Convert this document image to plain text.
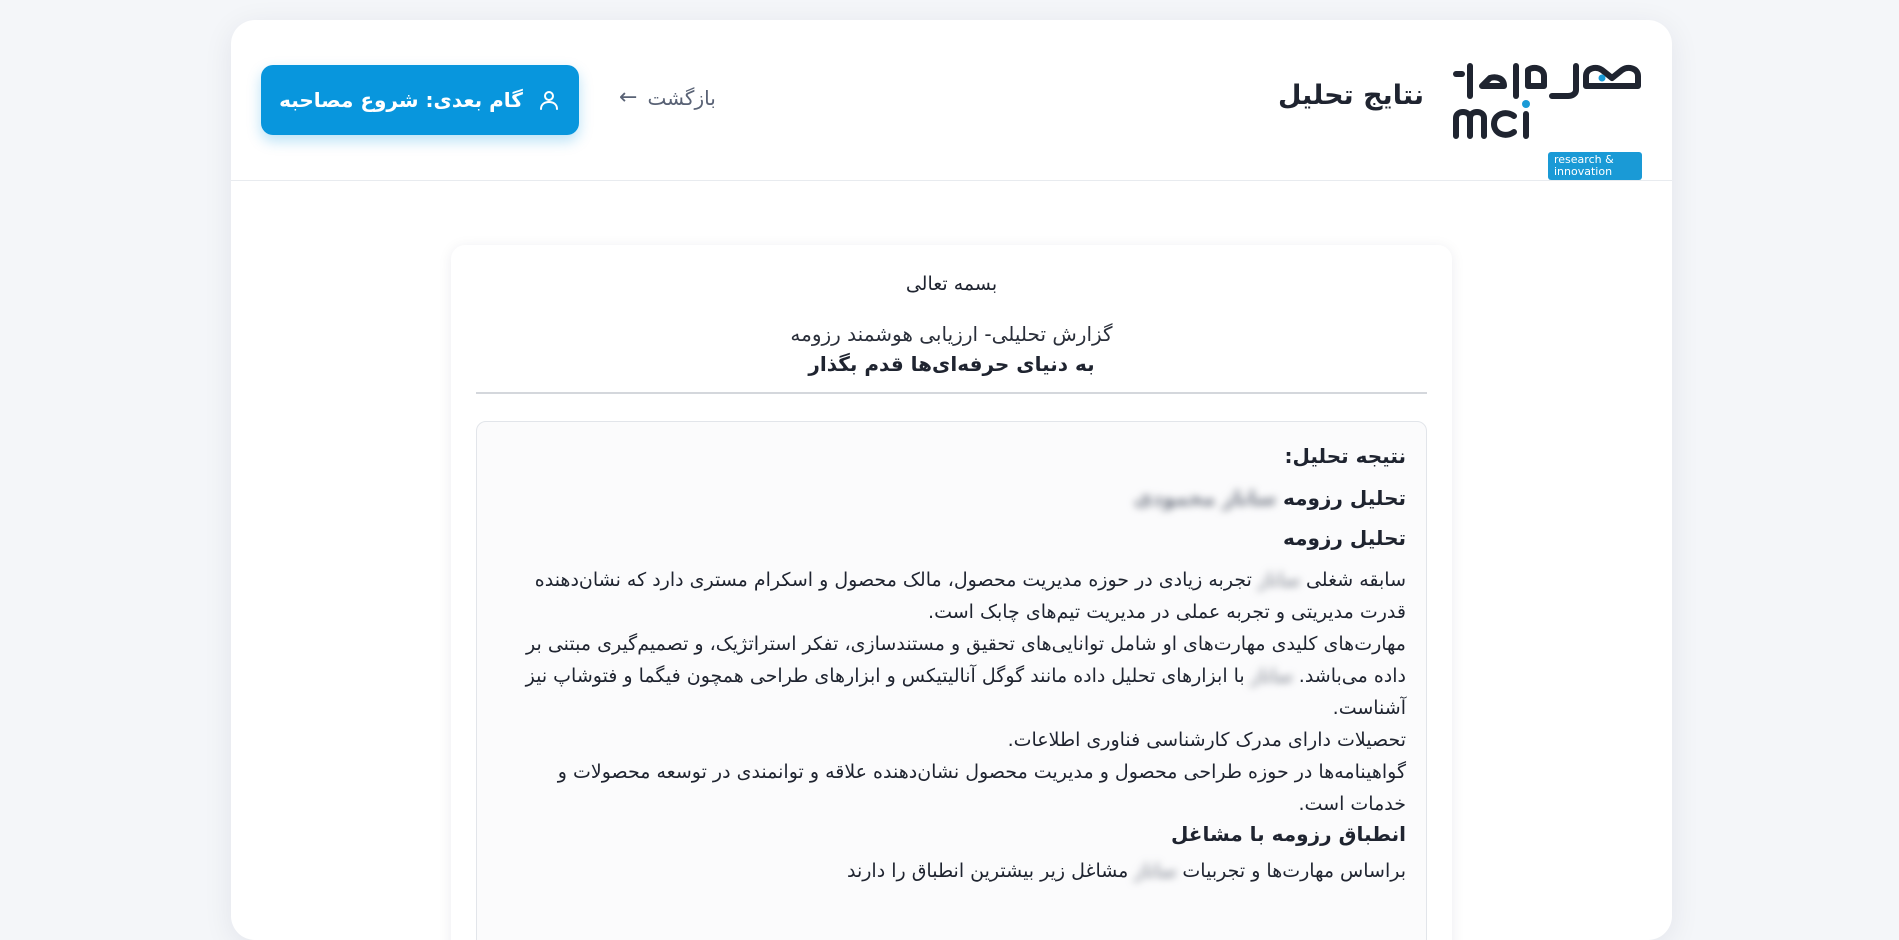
research &
innovation
نتایج تحلیل
بازگشت
←
گام بعدی: شروع مصاحبه
بسمه تعالی
گزارش تحلیلی- ارزیابی هوشمند رزومه
به دنیای حرفه‌ای‌ها قدم بگذار
نتیجه تحلیل:
تحلیل رزومه ساناز محمودی
تحلیل رزومه

سابقه شغلی ساناز تجربه زیادی در حوزه مدیریت محصول، مالک محصول و اسکرام مستری دارد که نشان‌دهنده قدرت مدیریتی و تجربه عملی در مدیریت تیم‌های چابک است.

مهارت‌های کلیدی مهارت‌های او شامل توانایی‌های تحقیق و مستندسازی، تفکر استراتژیک، و تصمیم‌گیری مبتنی بر داده می‌باشد. ساناز با ابزارهای تحلیل داده مانند گوگل آنالیتیکس و ابزارهای طراحی همچون فیگما و فتوشاپ نیز آشناست.

تحصیلات دارای مدرک کارشناسی فناوری اطلاعات.

گواهینامه‌ها در حوزه طراحی محصول و مدیریت محصول نشان‌دهنده علاقه و توانمندی در توسعه محصولات و خدمات است.

انطباق رزومه با مشاغل
براساس مهارت‌ها و تجربیات ساناز مشاغل زیر بیشترین انطباق را دارند
